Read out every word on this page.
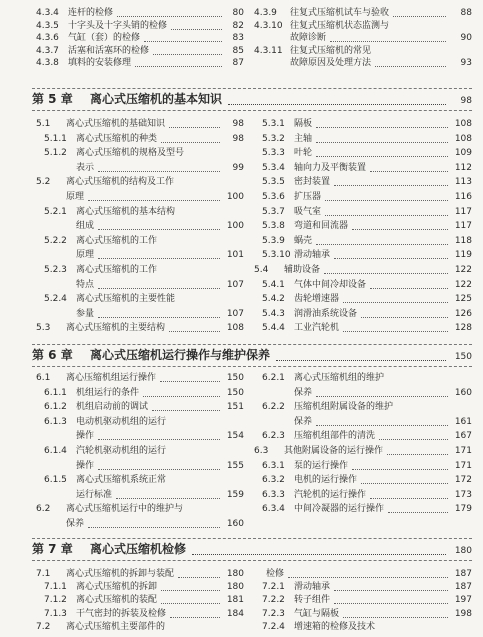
4.3.4 连杆的检修	80
4.3.5 十字头及十字头销的检修	82
4.3.6 气缸（套）的检修	83
4.3.7 活塞和活塞环的检修	85
4.3.8 填料的安装修理	87
4.3.9 往复式压缩机试车与验收	88
4.3.10 往复式压缩机状态监测与
故障诊断	90
4.3.11 往复式压缩机的常见
故障原因及处理方法	93
第 5 章 离心式压缩机的基本知识	98
第 6 章 离心式压缩机运行操作与维护保养	150
第 7 章 离心式压缩机检修	180
5.1 离心式压缩机的基础知识	98
5.1.1 离心式压缩机的种类	98
5.1.2 离心式压缩机的规格及型号
表示	99
5.2 离心式压缩机的结构及工作
原理	100
5.2.1 离心式压缩机的基本结构
组成	100
5.2.2 离心式压缩机的工作
原理	101
5.2.3 离心式压缩机的工作
特点	107
5.2.4 离心式压缩机的主要性能
参量	107
5.3 离心式压缩机的主要结构	108
5.3.1 隔板	108
5.3.2 主轴	108
5.3.3 叶轮	109
5.3.4 轴向力及平衡装置	112
5.3.5 密封装置	113
5.3.6 扩压器	116
5.3.7 吸气室	117
5.3.8 弯道和回流器	117
5.3.9 蜗壳	118
5.3.10 滑动轴承	119
5.4 辅助设备	122
5.4.1 气体中间冷却设备	122
5.4.2 齿轮增速器	125
5.4.3 润滑油系统设备	126
5.4.4 工业汽轮机	128
6.1 离心压缩机组运行操作	150
6.1.1 机组运行的条件	150
6.1.2 机组启动前的调试	151
6.1.3 电动机驱动机组的运行
操作	154
6.1.4 汽轮机驱动机组的运行
操作	155
6.1.5 离心式压缩机系统正常
运行标准	159
6.2 离心式压缩机运行中的维护与
保养	160
6.2.1 离心式压缩机组的维护
保养	160
6.2.2 压缩机组附属设备的维护
保养	161
6.2.3 压缩机组部件的清洗	167
6.3 其他附属设备的运行操作	171
6.3.1 泵的运行操作	171
6.3.2 电机的运行操作	172
6.3.3 汽轮机的运行操作	173
6.3.4 中间冷凝器的运行操作	179
7.1 离心式压缩机的拆卸与装配	180
7.1.1 离心式压缩机的拆卸	180
7.1.2 离心式压缩机的装配	181
7.1.3 干气密封的拆装及检修	184
7.2 离心式压缩机主要部件的
检修	187
7.2.1 滑动轴承	187
7.2.2 转子组件	197
7.2.3 气缸与隔板	198
7.2.4 增速箱的检修及技术
